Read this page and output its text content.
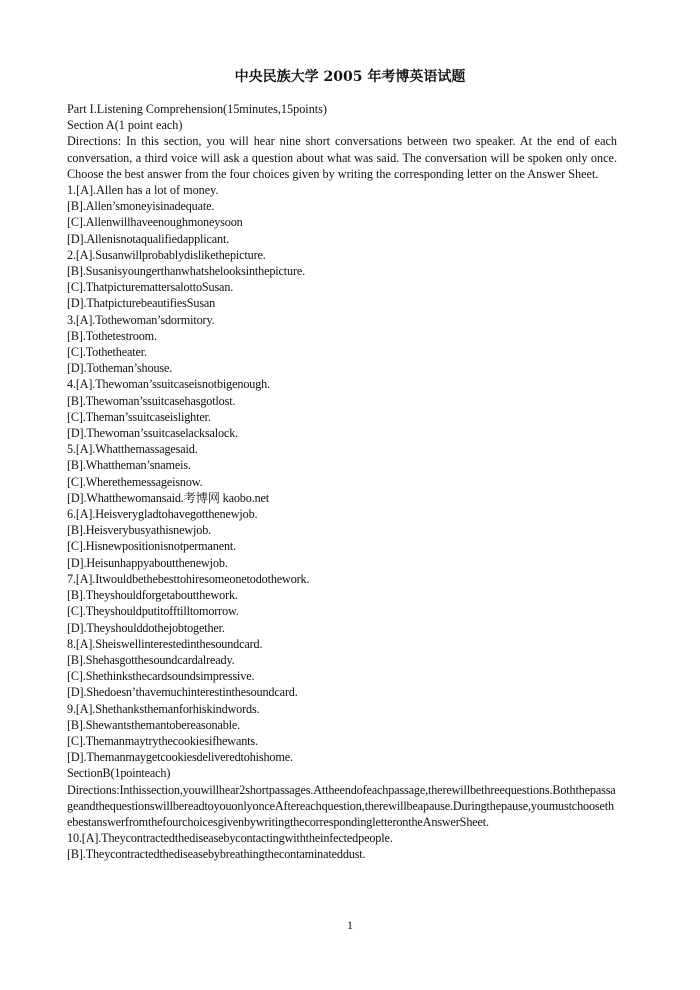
中央民族大学 2005 年考博英语试题
Part I.Listening Comprehension(15minutes,15points)
Section A(1 point each)
Directions: In this section, you will hear nine short conversations between two speaker. At the end of each conversation, a third voice will ask a question about what was said. The conversation will be spoken only once. Choose the best answer from the four choices given by writing the corresponding letter on the Answer Sheet.
1.[A].Allen has a lot of money.
[B].Allen’smoneyisinadequate.
[C].Allenwillhaveenoughmoneysoon
[D].Allenisnotaqualifiedapplicant.
2.[A].Susanwillprobablydislikethepicture.
[B].Susanisyoungerthanwhatshelooksinthepicture.
[C].ThatpicturemattersalottoSusan.
[D].ThatpicturebeautifiesSusan
3.[A].Tothewoman’sdormitory.
[B].Tothetestroom.
[C].Tothetheater.
[D].Totheman’shouse.
4.[A].Thewoman’ssuitcaseisnotbigenough.
[B].Thewoman’ssuitcasehasgotlost.
[C].Theman’ssuitcaseislighter.
[D].Thewoman’ssuitcaselacksalock.
5.[A].Whatthemassagesaid.
[B].Whattheman’snameis.
[C].Wherethemessageisnow.
[D].Whatthewomansaid.考博网 kaobo.net
6.[A].Heisverygladtohavegotthenewjob.
[B].Heisverybusyathisnewjob.
[C].Hisnewpositionisnotpermanent.
[D].Heisunhappyaboutthenewjob.
7.[A].Itwouldbethebesttohiresomeonetodothework.
[B].Theyshouldforgetaboutthework.
[C].Theyshouldputitofftilltomorrow.
[D].Theyshoulddothejobtogether.
8.[A].Sheiswellinterestedinthesoundcard.
[B].Shehasgotthesoundcardalready.
[C].Shethinksthecardsoundsimpressive.
[D].Shedoesn’thavemuchinterestinthesoundcard.
9.[A].Shethanksthemanforhiskindwords.
[B].Shewantsthemantobereasonable.
[C].Themanmaytrythecookiesifhewants.
[D].Themanmaygetcookiesdeliveredtohishome.
SectionB(1pointeach)
Directions:Inthissection,youwillhear2shortpassages.Attheendofeachpassage,therewillbethreequestions.BoththepassageandthequestionswillbereadtoyouonlyonceAftereachquestion,therewillbeapause.Duringthepause,youmustchoosethebestanswerfromthefourchoicesgivenbywritingthecorrespondingletterontheAnswerSheet.
10.[A].Theycontractedthediseasebycontactingwiththeinfectedpeople.
[B].Theycontractedthediseasebybreathingthecontaminateddust.
1
